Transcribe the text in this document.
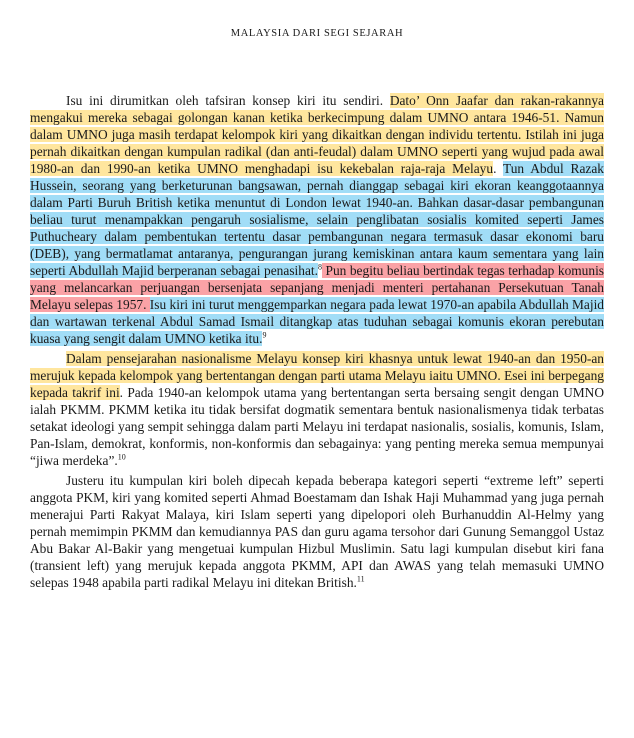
MALAYSIA DARI SEGI SEJARAH

Isu ini dirumitkan oleh tafsiran konsep kiri itu sendiri. Dato’ Onn Jaafar dan rakan-rakannya mengakui mereka sebagai golongan kanan ketika berkecimpung dalam UMNO antara 1946-51. Namun dalam UMNO juga masih terdapat kelompok kiri yang dikaitkan dengan individu tertentu. Istilah ini juga pernah dikaitkan dengan kumpulan radikal (dan anti-feudal) dalam UMNO seperti yang wujud pada awal 1980-an dan 1990-an ketika UMNO menghadapi isu kekebalan raja-raja Melayu. Tun Abdul Razak Hussein, seorang yang berketurunan bangsawan, pernah dianggap sebagai kiri ekoran keanggotaannya dalam Parti Buruh British ketika menuntut di London lewat 1940-an. Bahkan dasar-dasar pembangunan beliau turut menampakkan pengaruh sosialisme, selain penglibatan sosialis komited seperti James Puthucheary dalam pembentukan tertentu dasar pembangunan negara termasuk dasar ekonomi baru (DEB), yang bermatlamat antaranya, pengurangan jurang kemiskinan antara kaum sementara yang lain seperti Abdullah Majid berperanan sebagai penasihat.$^8$ Pun begitu beliau bertindak tegas terhadap komunis yang melancarkan perjuangan bersenjata sepanjang menjadi menteri pertahanan Persekutuan Tanah Melayu selepas 1957. Isu kiri ini turut menggemparkan negara pada lewat 1970-an apabila Abdullah Majid dan wartawan terkenal Abdul Samad Ismail ditangkap atas tuduhan sebagai komunis ekoran perebutan kuasa yang sengit dalam UMNO ketika itu.$^9$

Dalam pensejarahan nasionalisme Melayu konsep kiri khasnya untuk lewat 1940-an dan 1950-an merujuk kepada kelompok yang bertentangan dengan parti utama Melayu iaitu UMNO. Esei ini berpegang kepada takrif ini. Pada 1940-an kelompok utama yang bertentangan serta bersaing sengit dengan UMNO ialah PKMM. PKMM ketika itu tidak bersifat dogmatik sementara bentuk nasionalismenya tidak terbatas setakat ideologi yang sempit sehingga dalam parti Melayu ini terdapat nasionalis, sosialis, komunis, Islam, Pan-Islam, demokrat, konformis, non-konformis dan sebagainya: yang penting mereka semua mempunyai “jiwa merdeka”.$^{10}$

Justeru itu kumpulan kiri boleh dipecah kepada beberapa kategori seperti “extreme left” seperti anggota PKM, kiri yang komited seperti Ahmad Boestamam dan Ishak Haji Muhammad yang juga pernah menerajui Parti Rakyat Malaya, kiri Islam seperti yang dipelopori oleh Burhanuddin Al-Helmy yang pernah memimpin PKMM dan kemudiannya PAS dan guru agama tersohor dari Gunung Semanggol Ustaz Abu Bakar Al-Bakir yang mengetuai kumpulan Hizbul Muslimin. Satu lagi kumpulan disebut kiri fana (transient left) yang merujuk kepada anggota PKMM, API dan AWAS yang telah memasuki UMNO selepas 1948 apabila parti radikal Melayu ini ditekan British.$^{11}$
